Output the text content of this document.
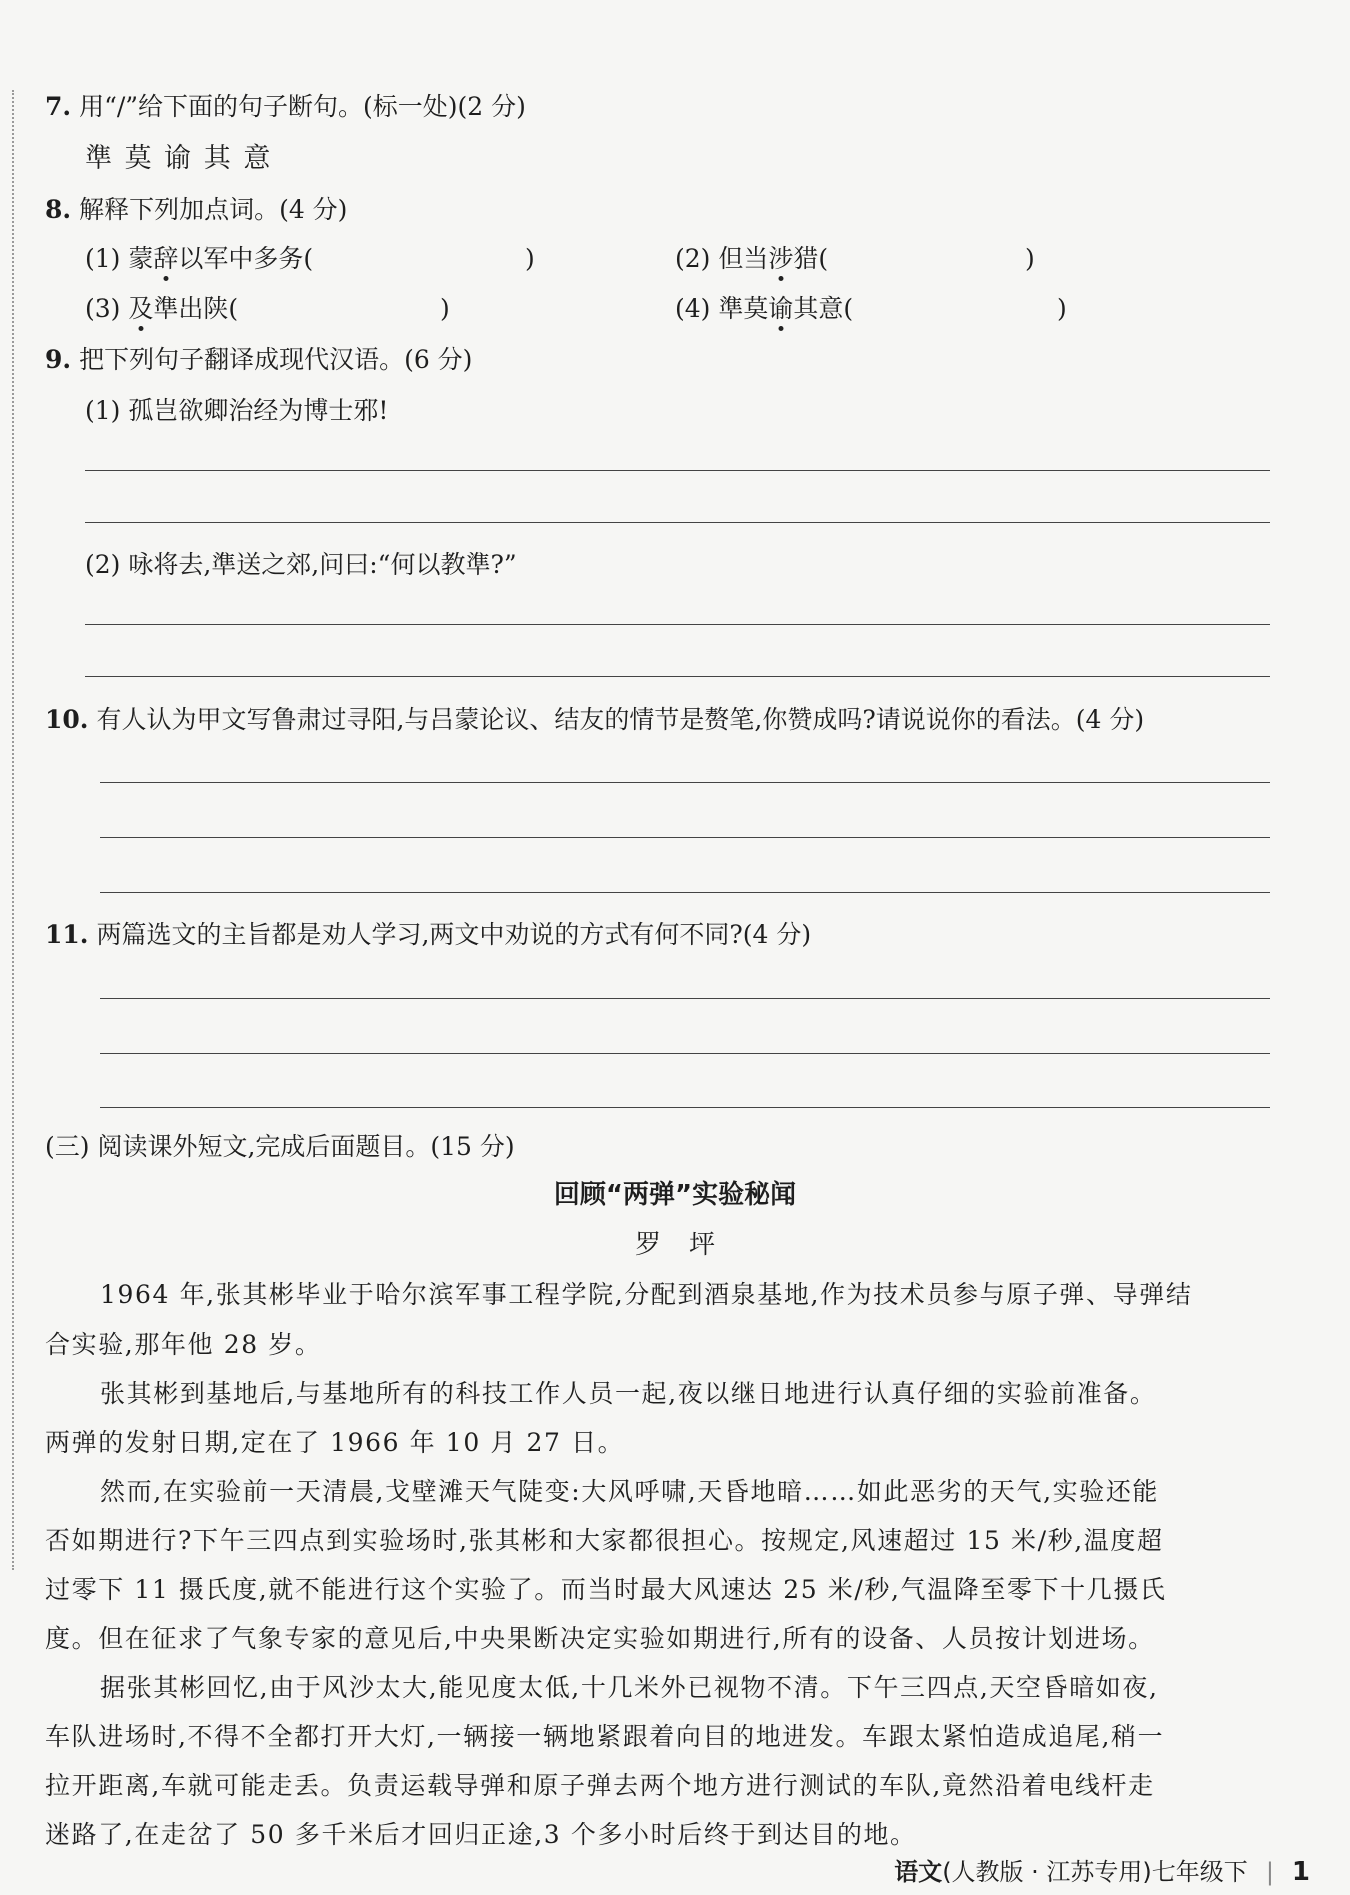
7. 用“/”给下面的句子断句。(标一处)(2 分)
準 莫 谕 其 意
8. 解释下列加点词。(4 分)
(1) 蒙辞以军中多务(	)	(2) 但当涉猎(	)
(3) 及準出陕(	)	(4) 準莫谕其意(	)
9. 把下列句子翻译成现代汉语。(6 分)
(1) 孤岂欲卿治经为博士邪!
(2) 咏将去,準送之郊,问曰:“何以教準?”
10. 有人认为甲文写鲁肃过寻阳,与吕蒙论议、结友的情节是赘笔,你赞成吗?请说说你的看法。(4 分)
11. 两篇选文的主旨都是劝人学习,两文中劝说的方式有何不同?(4 分)
(三) 阅读课外短文,完成后面题目。(15 分)
回顾“两弹”实验秘闻
罗坪
1964 年,张其彬毕业于哈尔滨军事工程学院,分配到酒泉基地,作为技术员参与原子弹、导弹结
合实验,那年他 28 岁。
张其彬到基地后,与基地所有的科技工作人员一起,夜以继日地进行认真仔细的实验前准备。
两弹的发射日期,定在了 1966 年 10 月 27 日。
然而,在实验前一天清晨,戈壁滩天气陡变:大风呼啸,天昏地暗……如此恶劣的天气,实验还能
否如期进行?下午三四点到实验场时,张其彬和大家都很担心。按规定,风速超过 15 米/秒,温度超
过零下 11 摄氏度,就不能进行这个实验了。而当时最大风速达 25 米/秒,气温降至零下十几摄氏
度。但在征求了气象专家的意见后,中央果断决定实验如期进行,所有的设备、人员按计划进场。
据张其彬回忆,由于风沙太大,能见度太低,十几米外已视物不清。下午三四点,天空昏暗如夜,
车队进场时,不得不全都打开大灯,一辆接一辆地紧跟着向目的地进发。车跟太紧怕造成追尾,稍一
拉开距离,车就可能走丢。负责运载导弹和原子弹去两个地方进行测试的车队,竟然沿着电线杆走
迷路了,在走岔了 50 多千米后才回归正途,3 个多小时后终于到达目的地。
语文(人教版 · 江苏专用)七年级下 | 1
